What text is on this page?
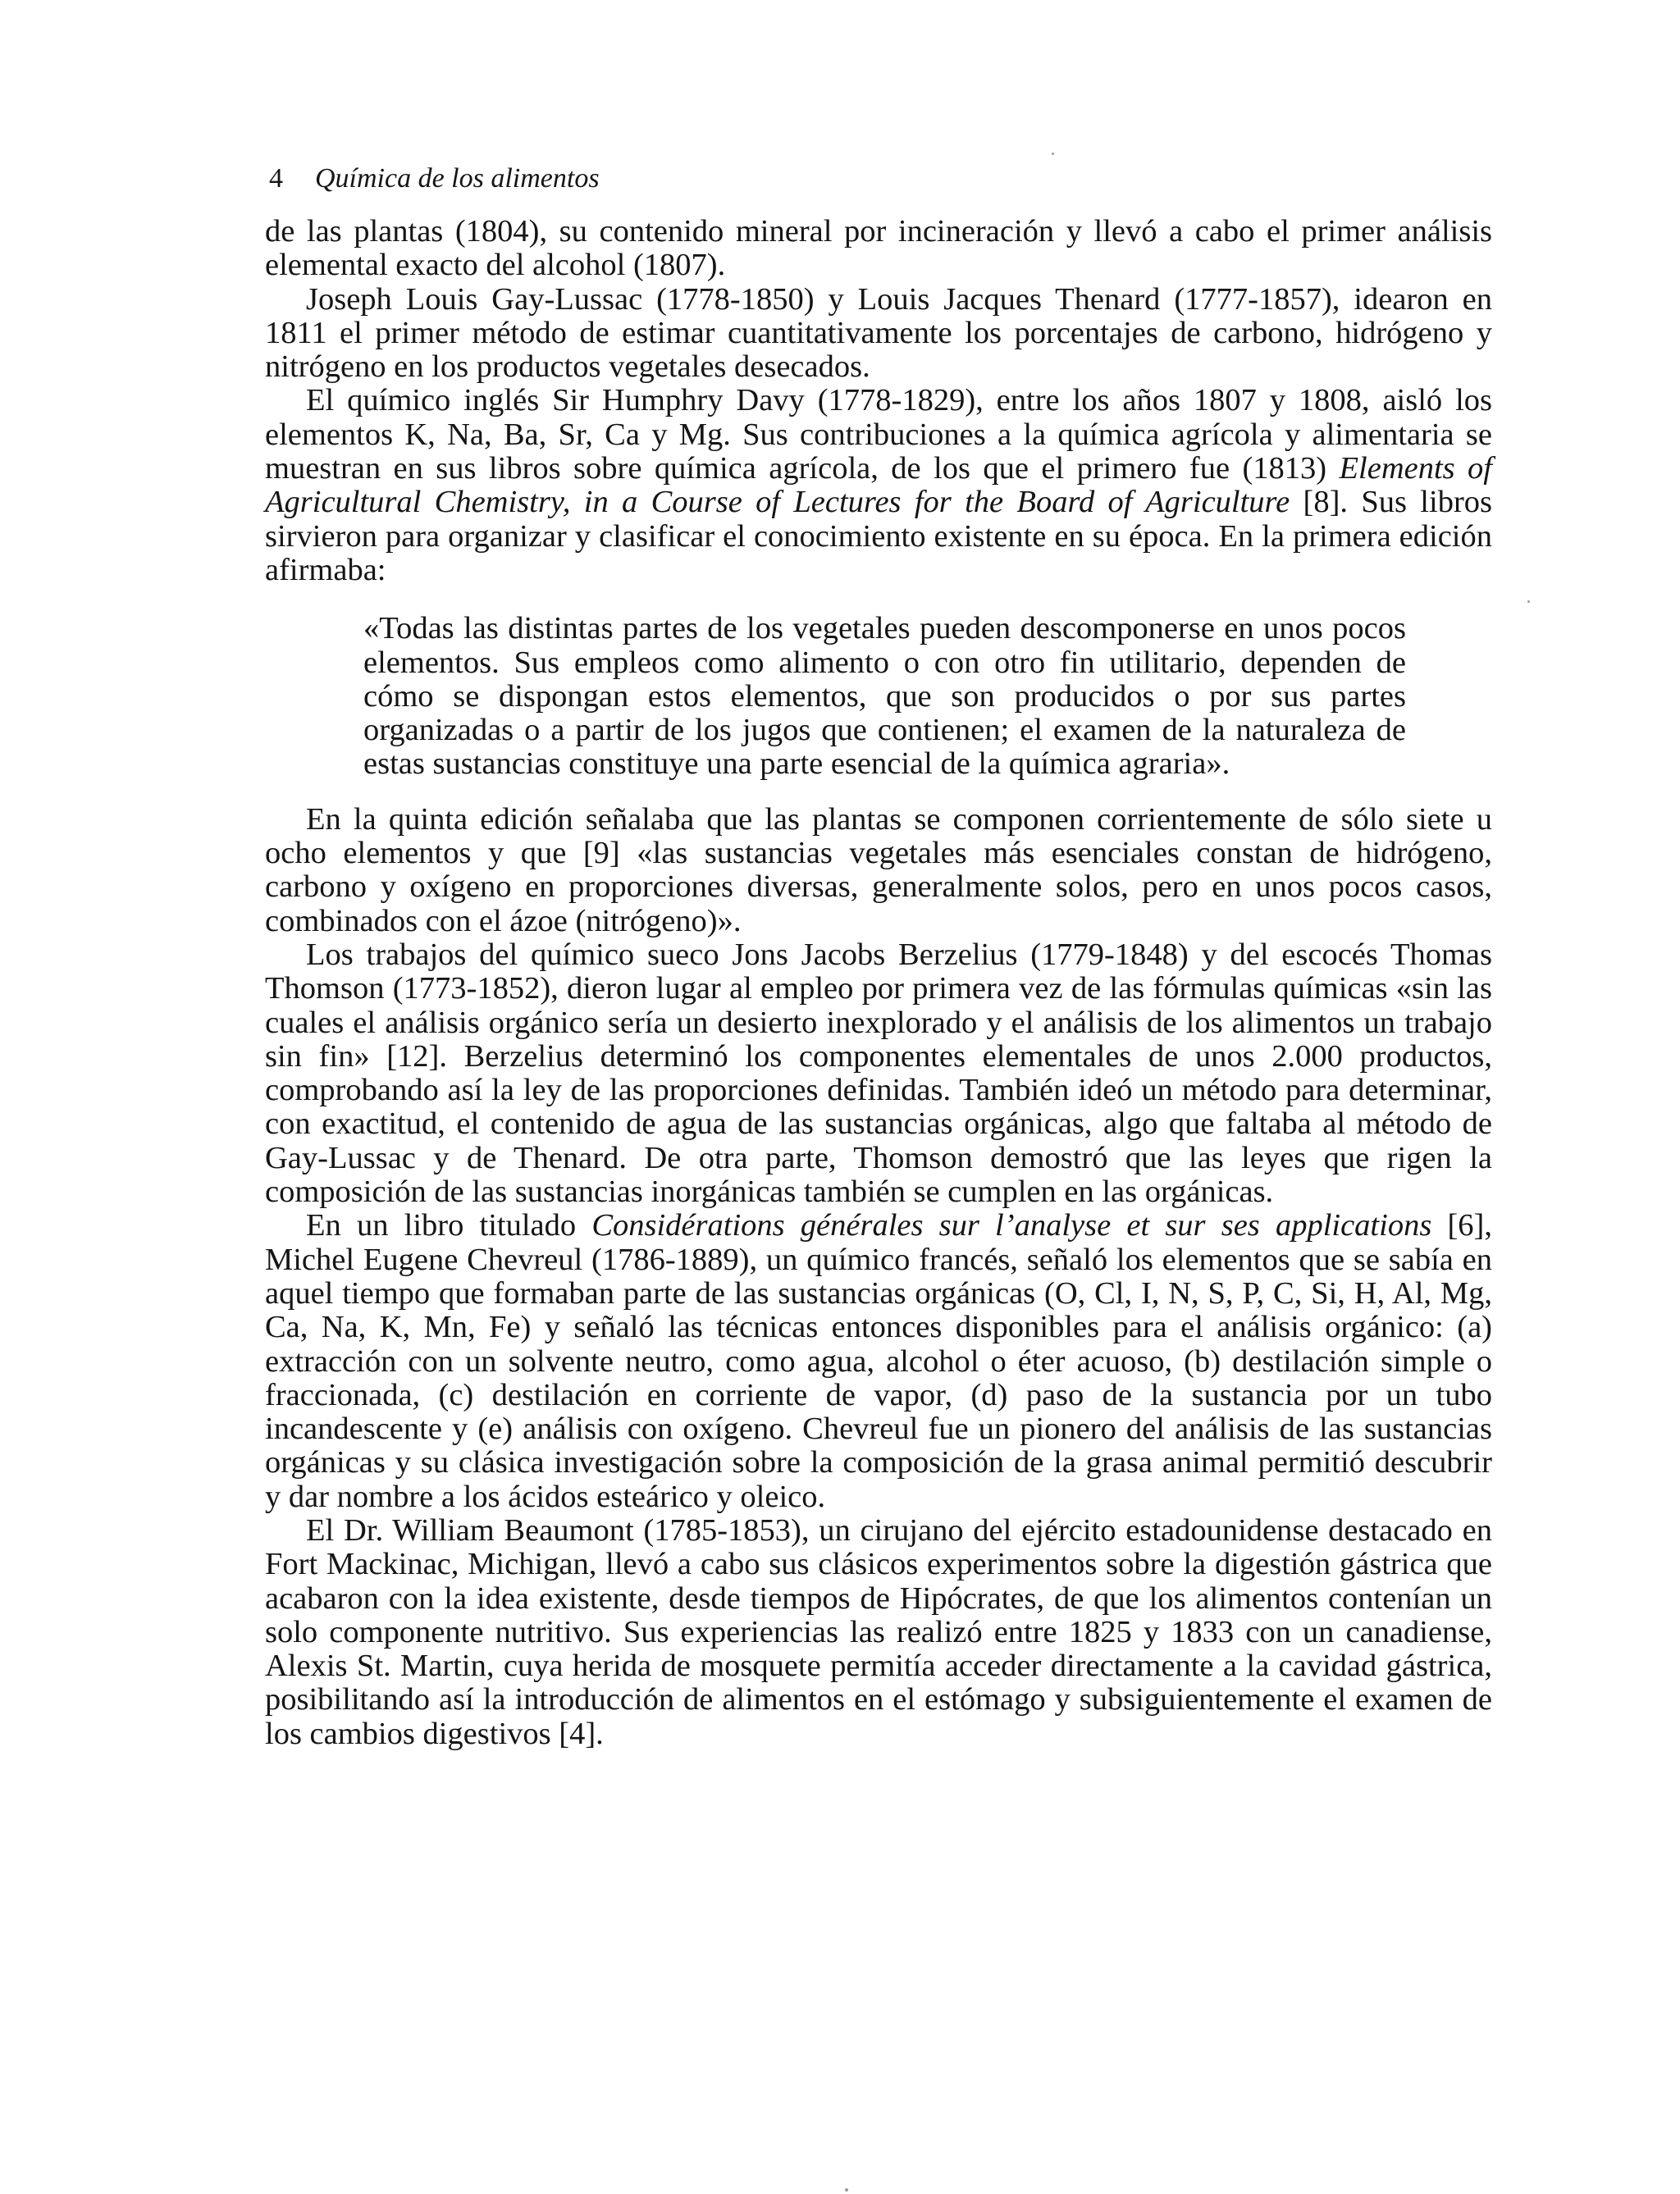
4 Química de los alimentos

de las plantas (1804), su contenido mineral por incineración y llevó a cabo el primer análisis elemental exacto del alcohol (1807).

Joseph Louis Gay-Lussac (1778-1850) y Louis Jacques Thenard (1777-1857), idearon en 1811 el primer método de estimar cuantitativamente los porcentajes de carbono, hidrógeno y nitrógeno en los productos vegetales desecados.

El químico inglés Sir Humphry Davy (1778-1829), entre los años 1807 y 1808, aisló los elementos K, Na, Ba, Sr, Ca y Mg. Sus contribuciones a la química agrícola y alimentaria se muestran en sus libros sobre química agrícola, de los que el primero fue (1813) Elements of Agricultural Chemistry, in a Course of Lectures for the Board of Agriculture [8]. Sus libros sirvieron para organizar y clasificar el conocimiento existente en su época. En la primera edición afirmaba:

«Todas las distintas partes de los vegetales pueden descomponerse en unos pocos elementos. Sus empleos como alimento o con otro fin utilitario, dependen de cómo se dispongan estos elementos, que son producidos o por sus partes organizadas o a partir de los jugos que contienen; el examen de la naturaleza de estas sustancias constituye una parte esencial de la química agraria».

En la quinta edición señalaba que las plantas se componen corrientemente de sólo siete u ocho elementos y que [9] «las sustancias vegetales más esenciales constan de hidrógeno, carbono y oxígeno en proporciones diversas, generalmente solos, pero en unos pocos casos, combinados con el ázoe (nitrógeno)».

Los trabajos del químico sueco Jons Jacobs Berzelius (1779-1848) y del escocés Thomas Thomson (1773-1852), dieron lugar al empleo por primera vez de las fórmulas químicas «sin las cuales el análisis orgánico sería un desierto inexplorado y el análisis de los alimentos un trabajo sin fin» [12]. Berzelius determinó los componentes elementales de unos 2.000 productos, comprobando así la ley de las proporciones definidas. También ideó un método para determinar, con exactitud, el contenido de agua de las sustancias orgánicas, algo que faltaba al método de Gay-Lussac y de Thenard. De otra parte, Thomson demostró que las leyes que rigen la composición de las sustancias inorgánicas también se cumplen en las orgánicas.

En un libro titulado Considérations générales sur l’analyse et sur ses applications [6], Michel Eugene Chevreul (1786-1889), un químico francés, señaló los elementos que se sabía en aquel tiempo que formaban parte de las sustancias orgánicas (O, Cl, I, N, S, P, C, Si, H, Al, Mg, Ca, Na, K, Mn, Fe) y señaló las técnicas entonces disponibles para el análisis orgánico: (a) extracción con un solvente neutro, como agua, alcohol o éter acuoso, (b) destilación simple o fraccionada, (c) destilación en corriente de vapor, (d) paso de la sustancia por un tubo incandescente y (e) análisis con oxígeno. Chevreul fue un pionero del análisis de las sustancias orgánicas y su clásica investigación sobre la composición de la grasa animal permitió descubrir y dar nombre a los ácidos esteárico y oleico.

El Dr. William Beaumont (1785-1853), un cirujano del ejército estadounidense destacado en Fort Mackinac, Michigan, llevó a cabo sus clásicos experimentos sobre la digestión gástrica que acabaron con la idea existente, desde tiempos de Hipócrates, de que los alimentos contenían un solo componente nutritivo. Sus experiencias las realizó entre 1825 y 1833 con un canadiense, Alexis St. Martin, cuya herida de mosquete permitía acceder directamente a la cavidad gástrica, posibilitando así la introducción de alimentos en el estómago y subsiguientemente el examen de los cambios digestivos [4].
